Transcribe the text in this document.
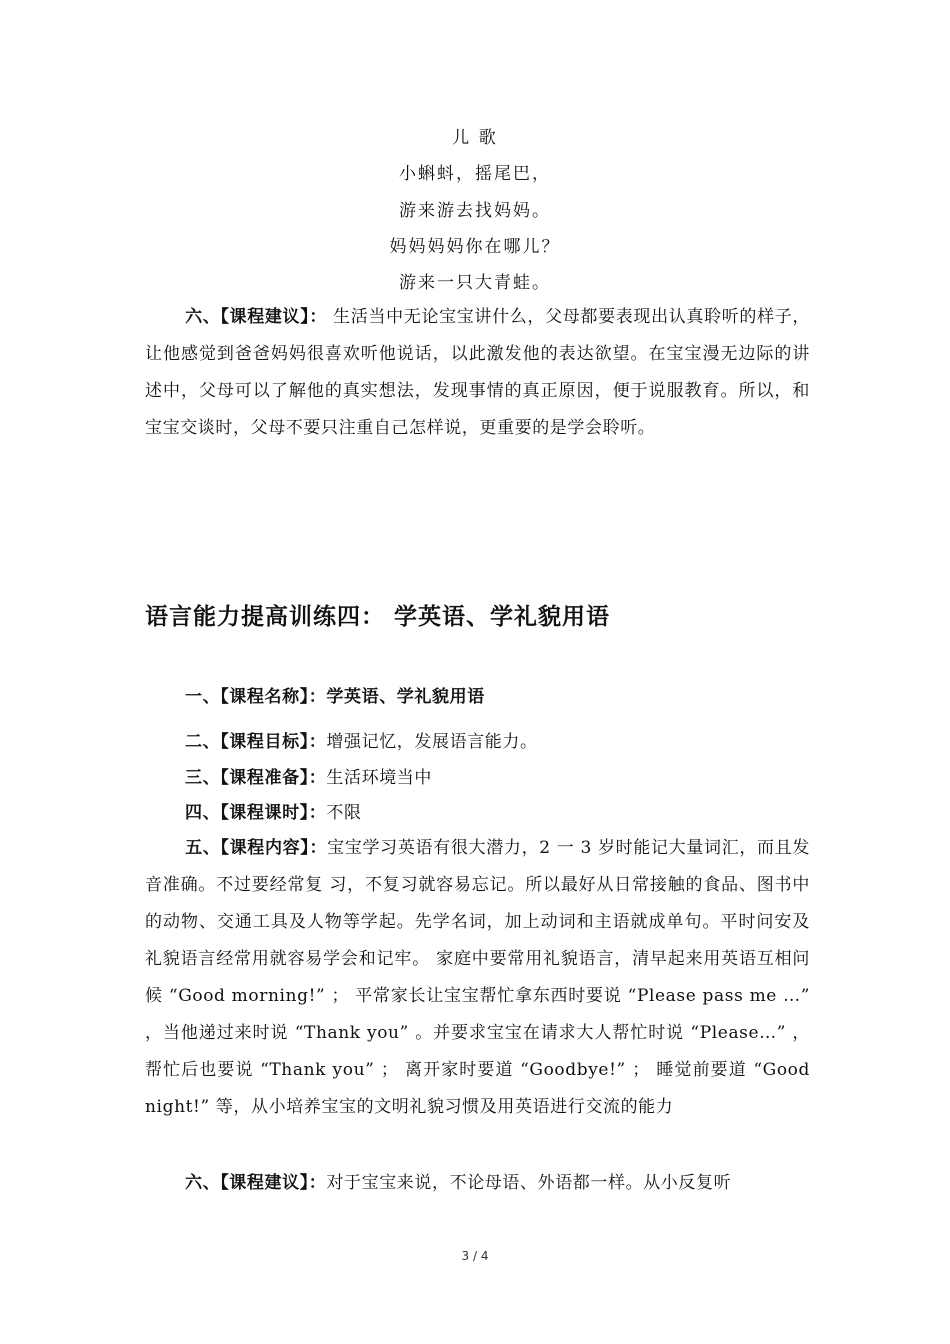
儿 歌
小蝌蚪，摇尾巴，
游来游去找妈妈。
妈妈妈妈你在哪儿？
游来一只大青蛙。
六、【课程建议】： 生活当中无论宝宝讲什么，父母都要表现出认真聆听的样子，让他感觉到爸爸妈妈很喜欢听他说话，以此激发他的表达欲望。在宝宝漫无边际的讲述中，父母可以了解他的真实想法，发现事情的真正原因，便于说服教育。所以，和宝宝交谈时，父母不要只注重自己怎样说，更重要的是学会聆听。
语言能力提高训练四： 学英语、学礼貌用语
一、【课程名称】：学英语、学礼貌用语
二、【课程目标】：增强记忆，发展语言能力。
三、【课程准备】：生活环境当中
四、【课程课时】：不限
五、【课程内容】：宝宝学习英语有很大潜力，2 一 3 岁时能记大量词汇，而且发音准确。不过要经常复 习，不复习就容易忘记。所以最好从日常接触的食品、图书中的动物、交通工具及人物等学起。先学名词，加上动词和主语就成单句。平时问安及礼貌语言经常用就容易学会和记牢。 家庭中要常用礼貌语言，清早起来用英语互相问候 “Good morning!” ； 平常家长让宝宝帮忙拿东西时要说 “Please pass me …” ，当他递过来时说 “Thank you” 。并要求宝宝在请求大人帮忙时说 “Please…” ，帮忙后也要说 “Thank you” ； 离开家时要道 “Goodbye!” ； 睡觉前要道 “Good night!” 等，从小培养宝宝的文明礼貌习惯及用英语进行交流的能力
六、【课程建议】：对于宝宝来说，不论母语、外语都一样。从小反复听
3 / 4
